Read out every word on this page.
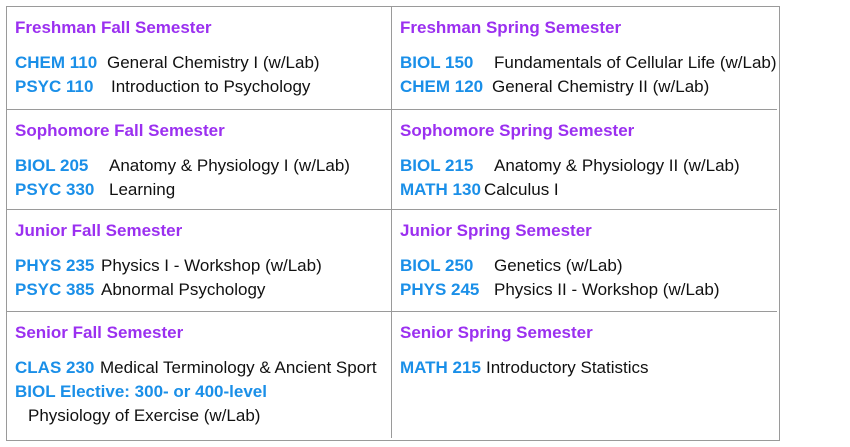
Freshman Fall Semester
CHEM 110 General Chemistry I (w/Lab)
PSYC 110 Introduction to Psychology
Freshman Spring Semester
BIOL 150 Fundamentals of Cellular Life (w/Lab)
CHEM 120 General Chemistry II (w/Lab)
Sophomore Fall Semester
BIOL 205 Anatomy & Physiology I (w/Lab)
PSYC 330 Learning
Sophomore Spring Semester
BIOL 215 Anatomy & Physiology II (w/Lab)
MATH 130 Calculus I
Junior Fall Semester
PHYS 235 Physics I - Workshop (w/Lab)
PSYC 385 Abnormal Psychology
Junior Spring Semester
BIOL 250 Genetics (w/Lab)
PHYS 245 Physics II - Workshop (w/Lab)
Senior Fall Semester
CLAS 230 Medical Terminology & Ancient Sport
BIOL Elective: 300- or 400-level
Physiology of Exercise (w/Lab)
Senior Spring Semester
MATH 215 Introductory Statistics
